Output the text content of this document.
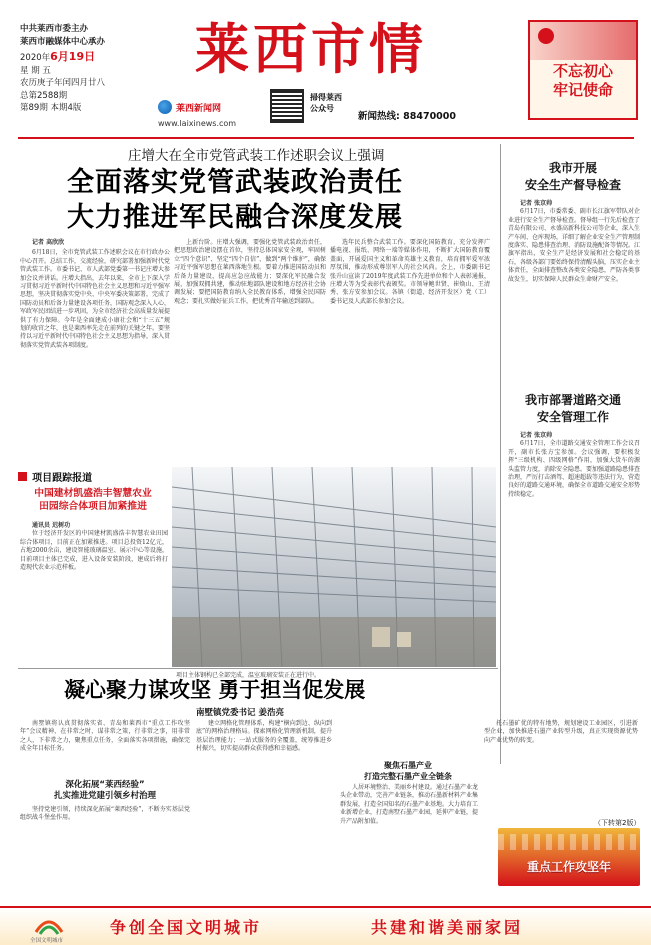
中共莱西市委主办
莱西市融媒体中心承办
2020年6月19日
星 期 五
农历庚子年闰四月廿八
总第2588期
第89期 本期4版
莱西市情
莱西新闻网
www.laixinews.com
掃得莱西
公众号
新闻热线: 88470000
不忘初心
牢记使命
庄增大在全市党管武装工作述职会议上强调
全面落实党管武装政治责任
大力推进军民融合深度发展
记者 高欣欣
6月18日，全市党管武装工作述职会议在市行政办公中心召开。总结工作，交流经验，研究部署加强新时代党管武装工作。市委书记、市人武部党委第一书记庄增大参加会议并讲话。庄增大指出，去年以来，全市上下深入学习贯彻习近平新时代中国特色社会主义思想和习近平强军思想，坚决贯彻落实党中央、中央军委决策部署，完成了国防动员和后备力量建设各项任务，国防观念深入人心，军政军民团结进一步巩固，为全市经济社会高质量发展提供了有力保障。今年是全面建成小康社会和“十三五”规划的收官之年，也是莱西率先走在前列的关键之年。要坚持以习近平新时代中国特色社会主义思想为指导，深入贯彻落实党管武装各项制度。
上新台阶。庄增大强调，要强化党管武装政治责任，把思想政治建设摆在首位，坚持总体国家安全观，牢固树立“四个意识”、坚定“四个自信”、做到“两个维护”，确保习近平强军思想在莱西落地生根。要着力推进国防动员和后备力量建设，提高应急应战能力；要深化军民融合发展，加强双拥共建，推动驻地部队建设和地方经济社会协调发展；要把国防教育纳入全民教育体系，增强全民国防观念；要扎实做好征兵工作，把优秀青年输送到部队。
选年民兵整合武装工作。要深化国防教育，充分发挥广播电视、报纸、网络一端等媒体作用，不断扩大国防教育覆盖面，开展爱国主义和革命英雄主义教育，培育拥军爱军浓厚氛围，推动形成尊崇军人的社会风尚。会上，市委副书记张升山宣读了2019年度武装工作先进单位和个人表彰通报，庄增大等为受表彰代表颁奖。市领导鲍世贤、崔焕山、王清秀、张方安参加会议。各镇（街道、经济开发区）党（工）委书记及人武部长参加会议。
我市开展
安全生产督导检查
记者 张京帅
6月17日，市委常委、副市长江旗军带队对企业进行安全生产督导检查。督导组一行先后检查了青岛有限公司、永盛高新科技公司等企业，深入生产车间、仓库现场，详细了解企业安全生产管理制度落实、隐患排查治理、消防设施配备等情况。江旗军指出，安全生产是经济发展和社会稳定的基石，各级各部门要始终保持清醒头脑，压实企业主体责任，全面排查整改各类安全隐患，严防各类事故发生，切实保障人民群众生命财产安全。
我市部署道路交通
安全管理工作
记者 张京帅
6月17日，全市道路交通安全管理工作会议召开，副市长张方宝参加。会议强调，要积极发挥“三级机构、四级网格”作用，加强大货车的源头监管力度，消除安全隐患。要加强道路隐患排查治理，严厉打击酒驾、超速超载等违法行为，营造良好的道路交通环境，确保全市道路交通安全形势持续稳定。
项目跟踪报道
中国建材凯盛浩丰智慧农业
田园综合体项目加紧推进
通讯员 迟树功
位于经济开发区的中国建材凯盛浩丰智慧农业田园综合体项目，目前正在加紧推进。项目总投资12亿元，占地2000余亩，建设智能玻璃温室、展示中心等设施，目前项目主体已完成，进入设备安装阶段，建成后将打造现代农业示范样板。
项目主体钢构已全部完成，温室玻璃安装正在进行中。
凝心聚力谋攻坚 勇于担当促发展
南墅镇党委书记 姜浩亮
南墅镇将认真贯彻落实省、青岛和莱西市“重点工作攻坚年”会议精神，在非常之时，谋非常之策，行非常之事，用非常之人，下非常之力，聚焦重点任务，全面落实各项措施，确保完成全年目标任务。
深化拓展“莱西经验”
扎实推进党建引领乡村治理
坚持党建引领，持续深化拓展“莱西经验”，不断夯实基层党组织战斗堡垒作用。
建立网格化管理体系，构建“横向到边、纵向到底”的网格治理格局。探索网格化管理新机制，提升基层治理能力；一站式服务的全覆盖，统筹推进乡村振兴，切实提高群众获得感和幸福感。
聚焦石墨产业
打造完整石墨产业全链条
人居环境整治、美丽乡村建设。通过石墨产业龙头企业带动，完善产业链条，推动石墨新材料产业集群发展，打造全国知名的石墨产业基地。大力培育工业新增企业，打造南墅石墨产业园，延伸产业链，提升产品附加值。
托石墨矿优的特有地势，规划建设工业园区，引进新型企业，加快推进石墨产业转型升级，真正实现资源优势向产业优势的转变。
（下转第2版）
重点工作攻坚年
全国文明城市
争创全国文明城市	共建和谐美丽家园
